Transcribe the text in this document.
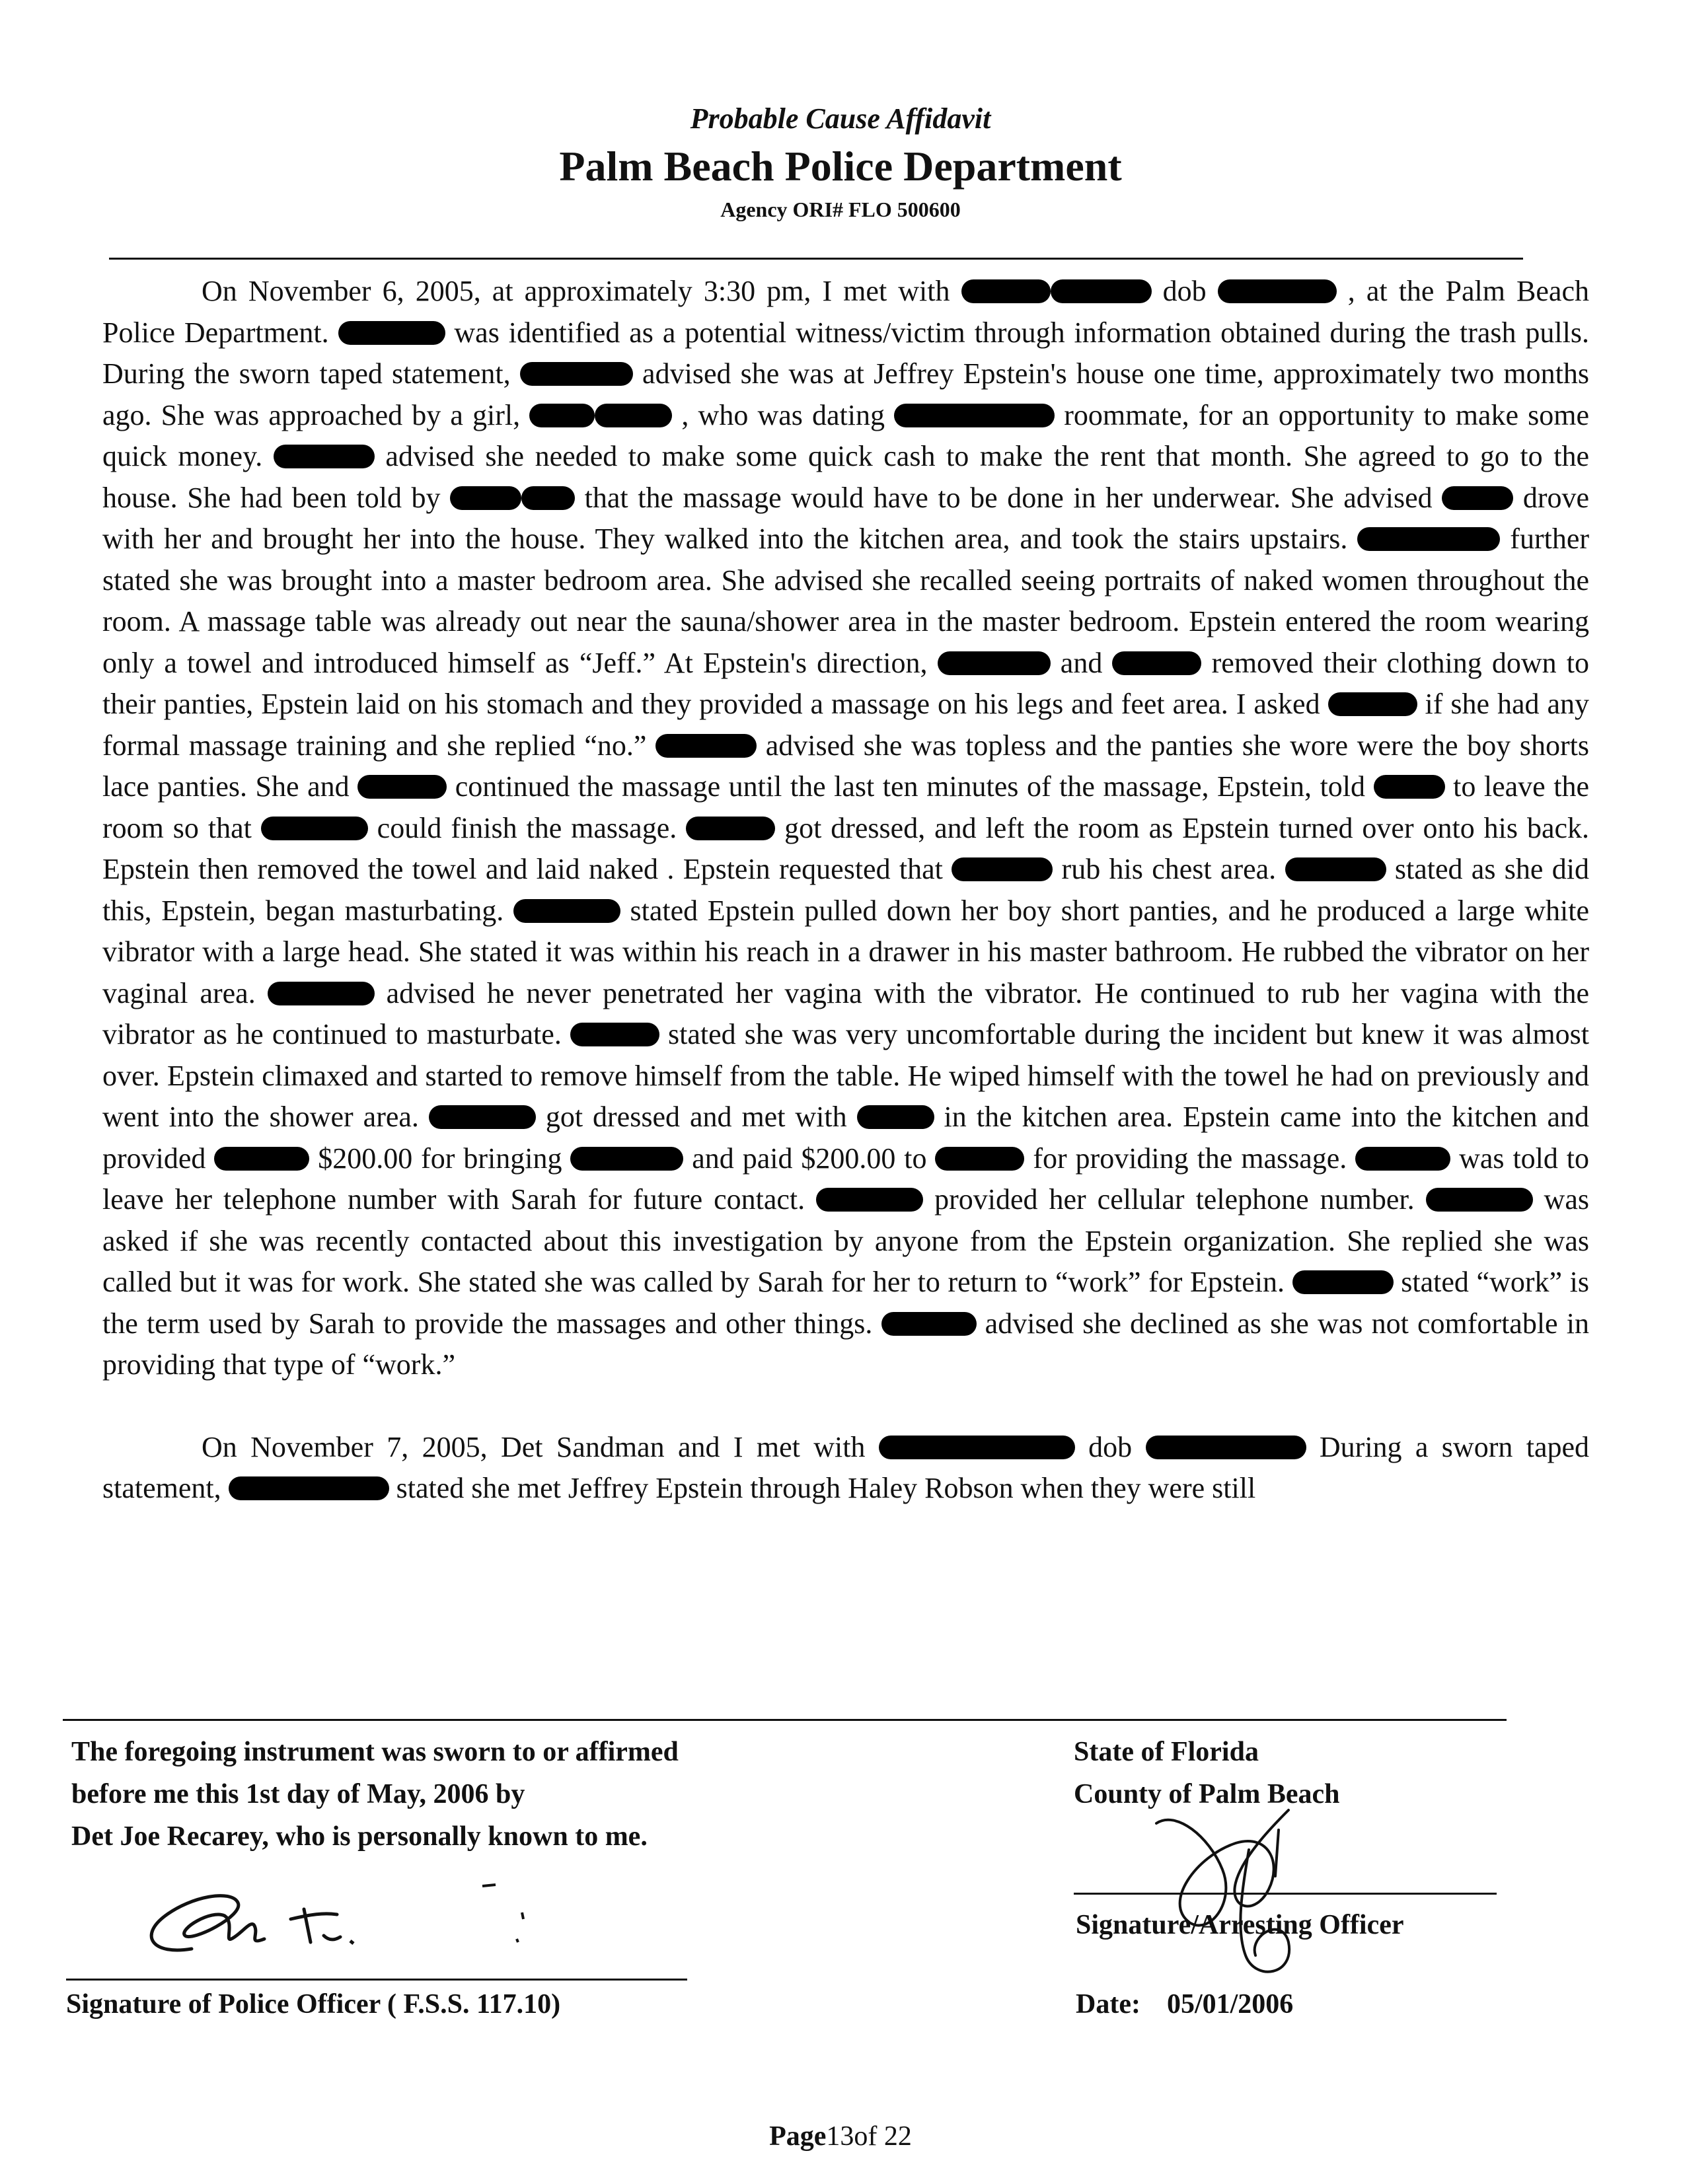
Probable Cause Affidavit
Palm Beach Police Department
Agency ORI# FLO 500600

On November 6, 2005, at approximately 3:30 pm, I met with	dob	, at the Palm Beach Police Department.	was identified as a potential witness/victim through information obtained during the trash pulls. During the sworn taped statement,	advised she was at Jeffrey Epstein's house one time, approximately two months ago. She was approached by a girl,	, who was dating	roommate, for an opportunity to make some quick money.	advised she needed to make some quick cash to make the rent that month. She agreed to go to the house. She had been told by	that the massage would have to be done in her underwear. She advised  drove with her and brought her into the house. They walked into the kitchen area, and took the stairs upstairs.	further stated she was brought into a master bedroom area. She advised she recalled seeing portraits of naked women throughout the room. A massage table was already out near the sauna/shower area in the master bedroom. Epstein entered the room wearing only a towel and introduced himself as “Jeff.” At Epstein's direction,	and	removed their clothing down to their panties, Epstein laid on his stomach and they provided a massage on his legs and feet area. I asked	if she had any formal massage training and she replied “no.”	advised she was topless and the panties she wore were the boy shorts lace panties. She and	continued the massage until the last ten minutes of the massage, Epstein, told  to leave the room so that	could finish the massage.	got dressed, and left the room as Epstein turned over onto his back. Epstein then removed the towel and laid naked . Epstein requested that	rub his chest area.	stated as she did this, Epstein, began masturbating.	stated Epstein pulled down her boy short panties, and he produced a large white vibrator with a large head. She stated it was within his reach in a drawer in his master bathroom. He rubbed the vibrator on her vaginal area.	advised he never penetrated her vagina with the vibrator. He continued to rub her vagina with the vibrator as he continued to masturbate.	stated she was very uncomfortable during the incident but knew it was almost over. Epstein climaxed and started to remove himself from the table. He wiped himself with the towel he had on previously and went into the shower area.	got dressed and met with	in the kitchen area. Epstein came into the kitchen and provided	$200.00 for bringing	and paid $200.00 to	for providing the massage.	was told to leave her telephone number with Sarah for future contact.	provided her cellular telephone number.	was asked if she was recently contacted about this investigation by anyone from the Epstein organization. She replied she was called but it was for work. She stated she was called by Sarah for her to return to “work” for Epstein.	stated “work” is the term used by Sarah to provide the massages and other things.	advised she declined as she was not comfortable in providing that type of “work.”

On November 7, 2005, Det Sandman and I met with	dob	During a sworn taped statement,	stated she met Jeffrey Epstein through Haley Robson when they were still

The foregoing instrument was sworn to or affirmed
before me this 1st day of May, 2006 by
Det Joe Recarey, who is personally known to me.
State of Florida
County of Palm Beach
Signature of Police Officer ( F.S.S. 117.10)
Signature/Arresting Officer
Date: 05/01/2006
Page13of 22
